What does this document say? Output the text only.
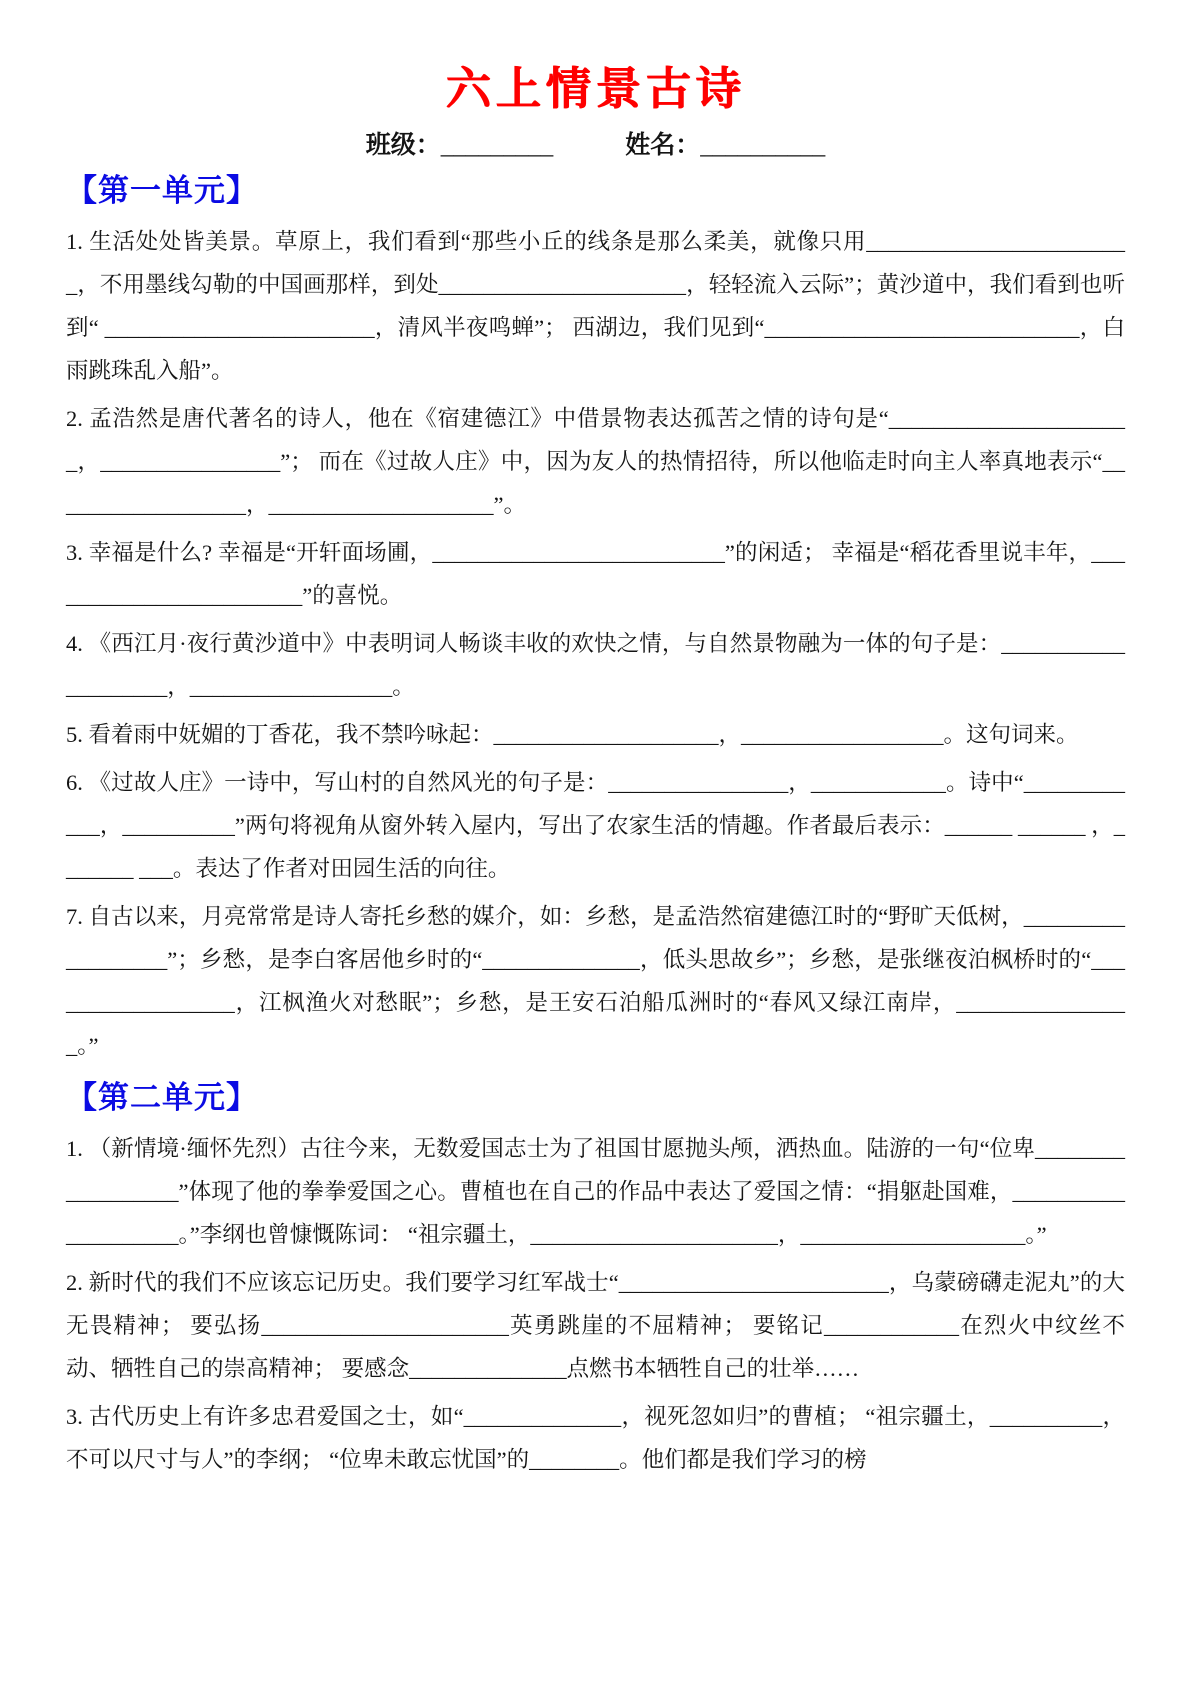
六上情景古诗
班级：_________	姓名：__________
【第一单元】

1. 生活处处皆美景。草原上，我们看到“那些小丘的线条是那么柔美，就像只用________________________，不用墨线勾勒的中国画那样，到处______________________，轻轻流入云际”；黄沙道中，我们看到也听到“ ________________________，清风半夜鸣蝉”； 西湖边，我们见到“____________________________，白雨跳珠乱入船”。

2. 孟浩然是唐代著名的诗人，他在《宿建德江》中借景物表达孤苦之情的诗句是“______________________，________________”； 而在《过故人庄》中，因为友人的热情招待，所以他临走时向主人率真地表示“__________________，____________________”。

3. 幸福是什么? 幸福是“开轩面场圃，__________________________”的闲适； 幸福是“稻花香里说丰年，________________________”的喜悦。

4. 《西江月·夜行黄沙道中》中表明词人畅谈丰收的欢快之情，与自然景物融为一体的句子是：____________________，__________________。

5. 看着雨中妩媚的丁香花，我不禁吟咏起：____________________，__________________。这句词来。

6. 《过故人庄》一诗中，写山村的自然风光的句子是：________________，____________。诗中“____________，__________”两句将视角从窗外转入屋内，写出了农家生活的情趣。作者最后表示：______ ______ ，_______ ___。表达了作者对田园生活的向往。

7. 自古以来，月亮常常是诗人寄托乡愁的媒介，如：乡愁，是孟浩然宿建德江时的“野旷天低树，__________________”；乡愁，是李白客居他乡时的“______________，低头思故乡”；乡愁，是张继夜泊枫桥时的“__________________，江枫渔火对愁眠”；乡愁，是王安石泊船瓜洲时的“春风又绿江南岸，________________。”

【第二单元】

1. （新情境·缅怀先烈）古往今来，无数爱国志士为了祖国甘愿抛头颅，洒热血。陆游的一句“位卑__________________”体现了他的拳拳爱国之心。曹植也在自己的作品中表达了爱国之情：“捐躯赴国难，____________________。”李纲也曾慷慨陈词： “祖宗疆土，______________________，____________________。”

2. 新时代的我们不应该忘记历史。我们要学习红军战士“________________________，乌蒙磅礴走泥丸”的大无畏精神； 要弘扬______________________英勇跳崖的不屈精神； 要铭记____________在烈火中纹丝不动、牺牲自己的崇高精神； 要感念______________点燃书本牺牲自己的壮举……

3. 古代历史上有许多忠君爱国之士，如“______________，视死忽如归”的曹植； “祖宗疆土，__________，不可以尺寸与人”的李纲； “位卑未敢忘忧国”的________。他们都是我们学习的榜
